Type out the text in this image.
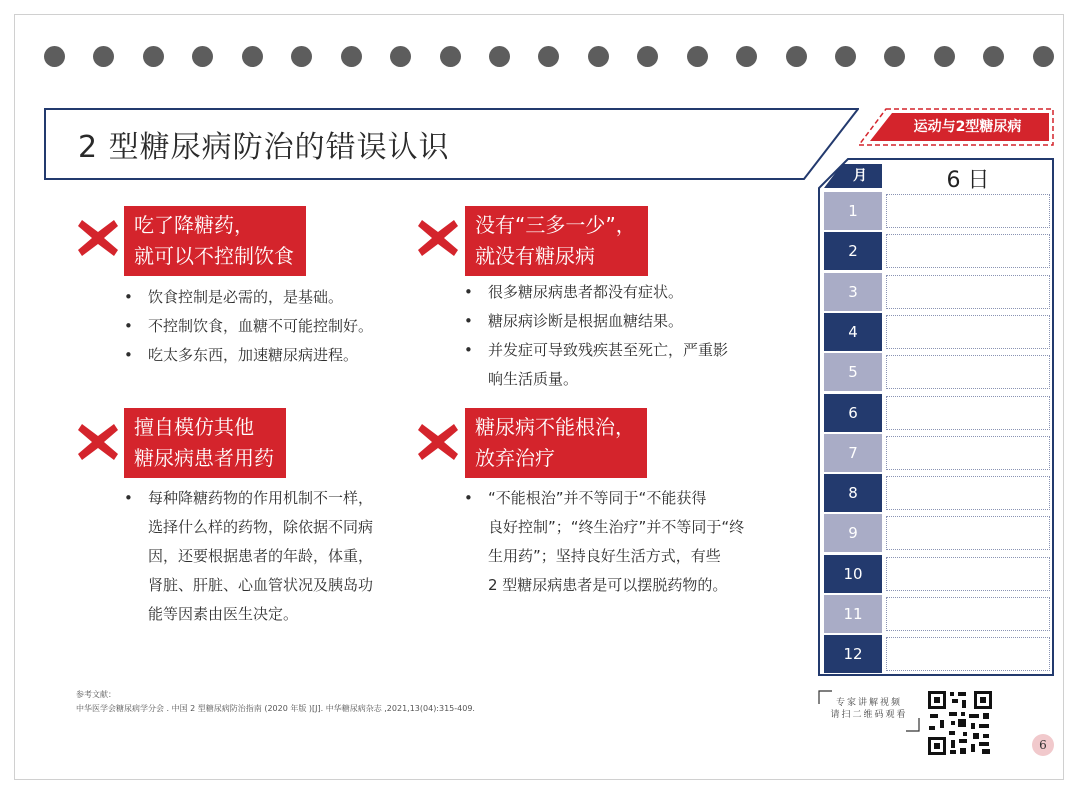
2 型糖尿病防治的错误认识
运动与2型糖尿病
吃了降糖药，
就可以不控制饮食
• 饮食控制是必需的，是基础。
• 不控制饮食，血糖不可能控制好。
• 吃太多东西，加速糖尿病进程。
没有“三多一少”，
就没有糖尿病
• 很多糖尿病患者都没有症状。
• 糖尿病诊断是根据血糖结果。
• 并发症可导致残疾甚至死亡，严重影
响生活质量。
擅自模仿其他
糖尿病患者用药
• 每种降糖药物的作用机制不一样，
选择什么样的药物，除依据不同病
因，还要根据患者的年龄，体重，
肾脏、肝脏、心血管状况及胰岛功
能等因素由医生决定。
糖尿病不能根治，
放弃治疗
• “不能根治”并不等同于“不能获得
良好控制”；“终生治疗”并不等同于“终
生用药”；坚持良好生活方式，有些
2 型糖尿病患者是可以摆脱药物的。
参考文献：
中华医学会糖尿病学分会 . 中国 2 型糖尿病防治指南 (2020 年版 )[J]. 中华糖尿病杂志 ,2021,13(04):315-409.
月	6 日
1
2
3
4
5
6
7
8
9
10
11
12
专家讲解视频
请扫二维码观看
6
